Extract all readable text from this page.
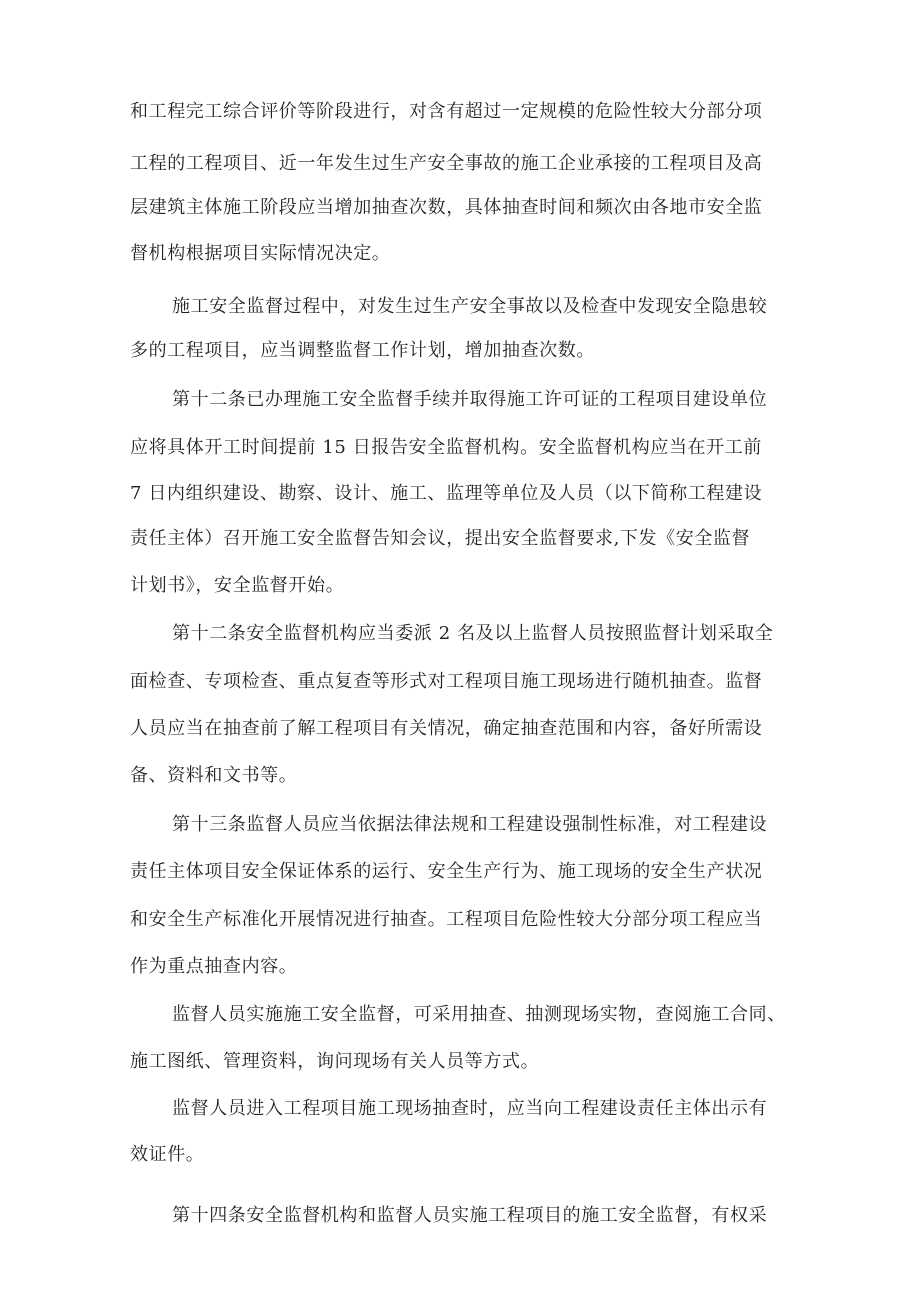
和工程完工综合评价等阶段进行，对含有超过一定规模的危险性较大分部分项

工程的工程项目、近一年发生过生产安全事故的施工企业承接的工程项目及高

层建筑主体施工阶段应当增加抽查次数，具体抽查时间和频次由各地市安全监

督机构根据项目实际情况决定。

施工安全监督过程中，对发生过生产安全事故以及检查中发现安全隐患较

多的工程项目，应当调整监督工作计划，增加抽查次数。

第十二条已办理施工安全监督手续并取得施工许可证的工程项目建设单位

应将具体开工时间提前 15 日报告安全监督机构。安全监督机构应当在开工前

7 日内组织建设、勘察、设计、施工、监理等单位及人员（以下简称工程建设

责任主体）召开施工安全监督告知会议，提出安全监督要求,下发《安全监督

计划书》，安全监督开始。

第十二条安全监督机构应当委派 2 名及以上监督人员按照监督计划采取全

面检查、专项检查、重点复查等形式对工程项目施工现场进行随机抽查。监督

人员应当在抽查前了解工程项目有关情况，确定抽查范围和内容，备好所需设

备、资料和文书等。

第十三条监督人员应当依据法律法规和工程建设强制性标准，对工程建设

责任主体项目安全保证体系的运行、安全生产行为、施工现场的安全生产状况

和安全生产标准化开展情况进行抽查。工程项目危险性较大分部分项工程应当

作为重点抽查内容。

监督人员实施施工安全监督，可采用抽查、抽测现场实物，查阅施工合同、

施工图纸、管理资料，询问现场有关人员等方式。

监督人员进入工程项目施工现场抽查时，应当向工程建设责任主体出示有

效证件。

第十四条安全监督机构和监督人员实施工程项目的施工安全监督，有权采
